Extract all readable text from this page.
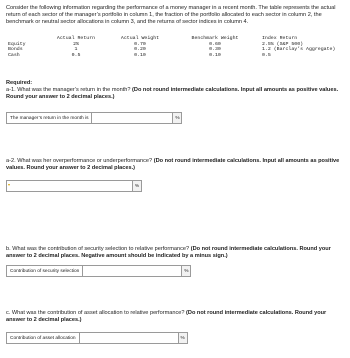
Consider the following information regarding the performance of a money manager in a recent month. The table represents the actual return of each sector of the manager’s portfolio in column 1, the fraction of the portfolio allocated to each sector in column 2, the benchmark or neutral sector allocations in column 3, and the returns of sector indices in column 4.
	Actual Return	Actual Weight	Benchmark Weight	Index Return
Equity	2%	0.70	0.60	2.5% (S&P 500)
Bonds	1	0.20	0.30	1.2 (Barclay’s Aggregate)
Cash	0.5	0.10	0.10	0.5
Required:
a-1. What was the manager’s return in the month? (Do not round intermediate calculations. Input all amounts as positive values. Round your answer to 2 decimal places.)
The manager’s return in the month is	%
a-2. What was her overperformance or underperformance? (Do not round intermediate calculations. Input all amounts as positive values. Round your answer to 2 decimal places.)
▾	%
b. What was the contribution of security selection to relative performance? (Do not round intermediate calculations. Round your answer to 2 decimal places. Negative amount should be indicated by a minus sign.)
Contribution of security selection	%
c. What was the contribution of asset allocation to relative performance? (Do not round intermediate calculations. Round your answer to 2 decimal places.)
Contribution of asset allocation	%
